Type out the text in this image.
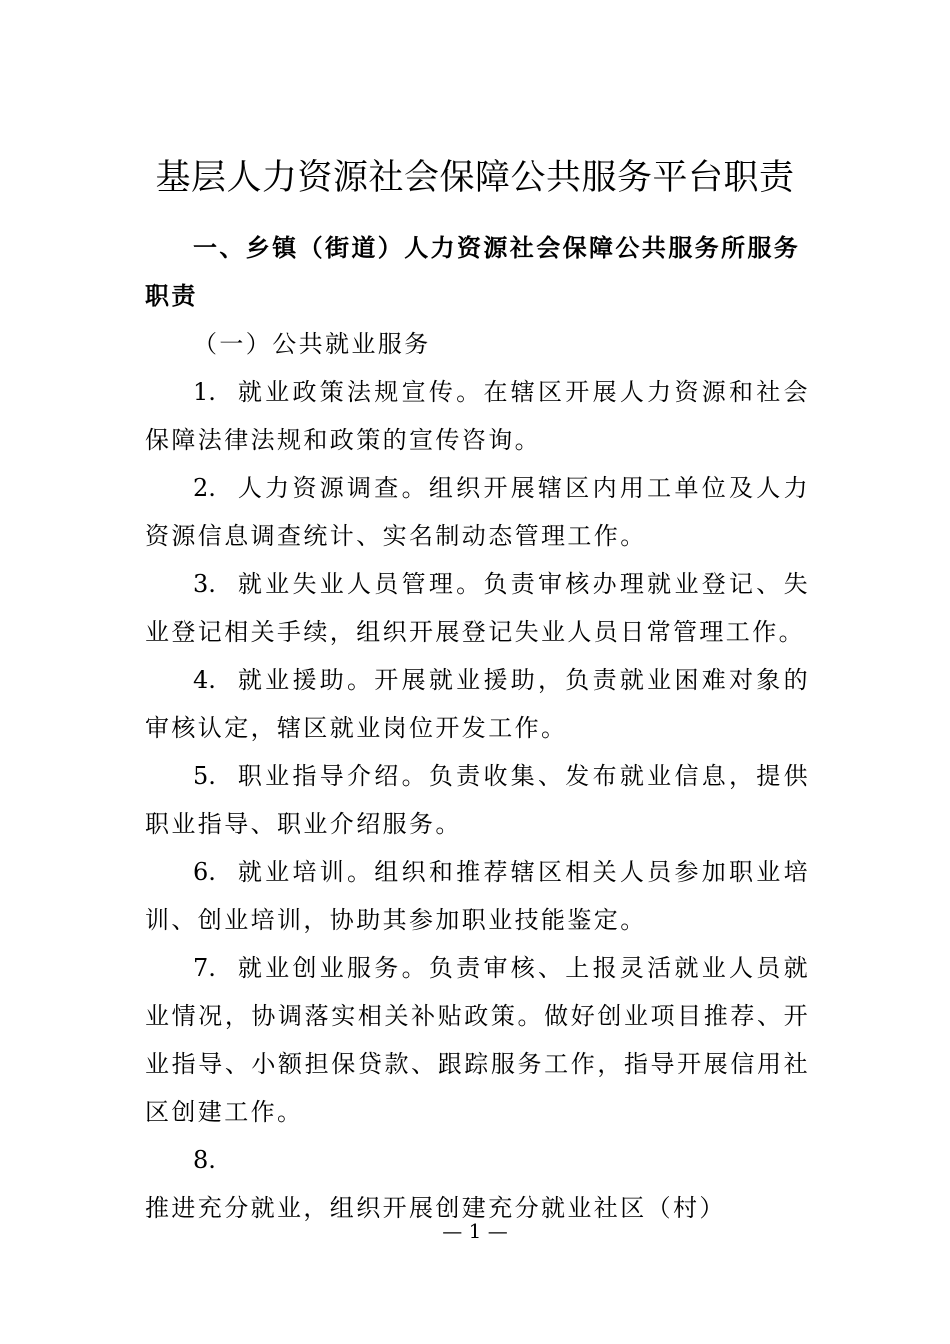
基层人力资源社会保障公共服务平台职责

一、乡镇（街道）人力资源社会保障公共服务所服务职责

（一）公共就业服务

1. 就业政策法规宣传。在辖区开展人力资源和社会保障法律法规和政策的宣传咨询。

2. 人力资源调查。组织开展辖区内用工单位及人力资源信息调查统计、实名制动态管理工作。

3. 就业失业人员管理。负责审核办理就业登记、失业登记相关手续，组织开展登记失业人员日常管理工作。

4. 就业援助。开展就业援助，负责就业困难对象的审核认定，辖区就业岗位开发工作。

5. 职业指导介绍。负责收集、发布就业信息，提供职业指导、职业介绍服务。

6. 就业培训。组织和推荐辖区相关人员参加职业培训、创业培训，协助其参加职业技能鉴定。

7. 就业创业服务。负责审核、上报灵活就业人员就业情况，协调落实相关补贴政策。做好创业项目推荐、开业指导、小额担保贷款、跟踪服务工作，指导开展信用社区创建工作。

8.推进充分就业，组织开展创建充分就业社区（村）

— 1 —
